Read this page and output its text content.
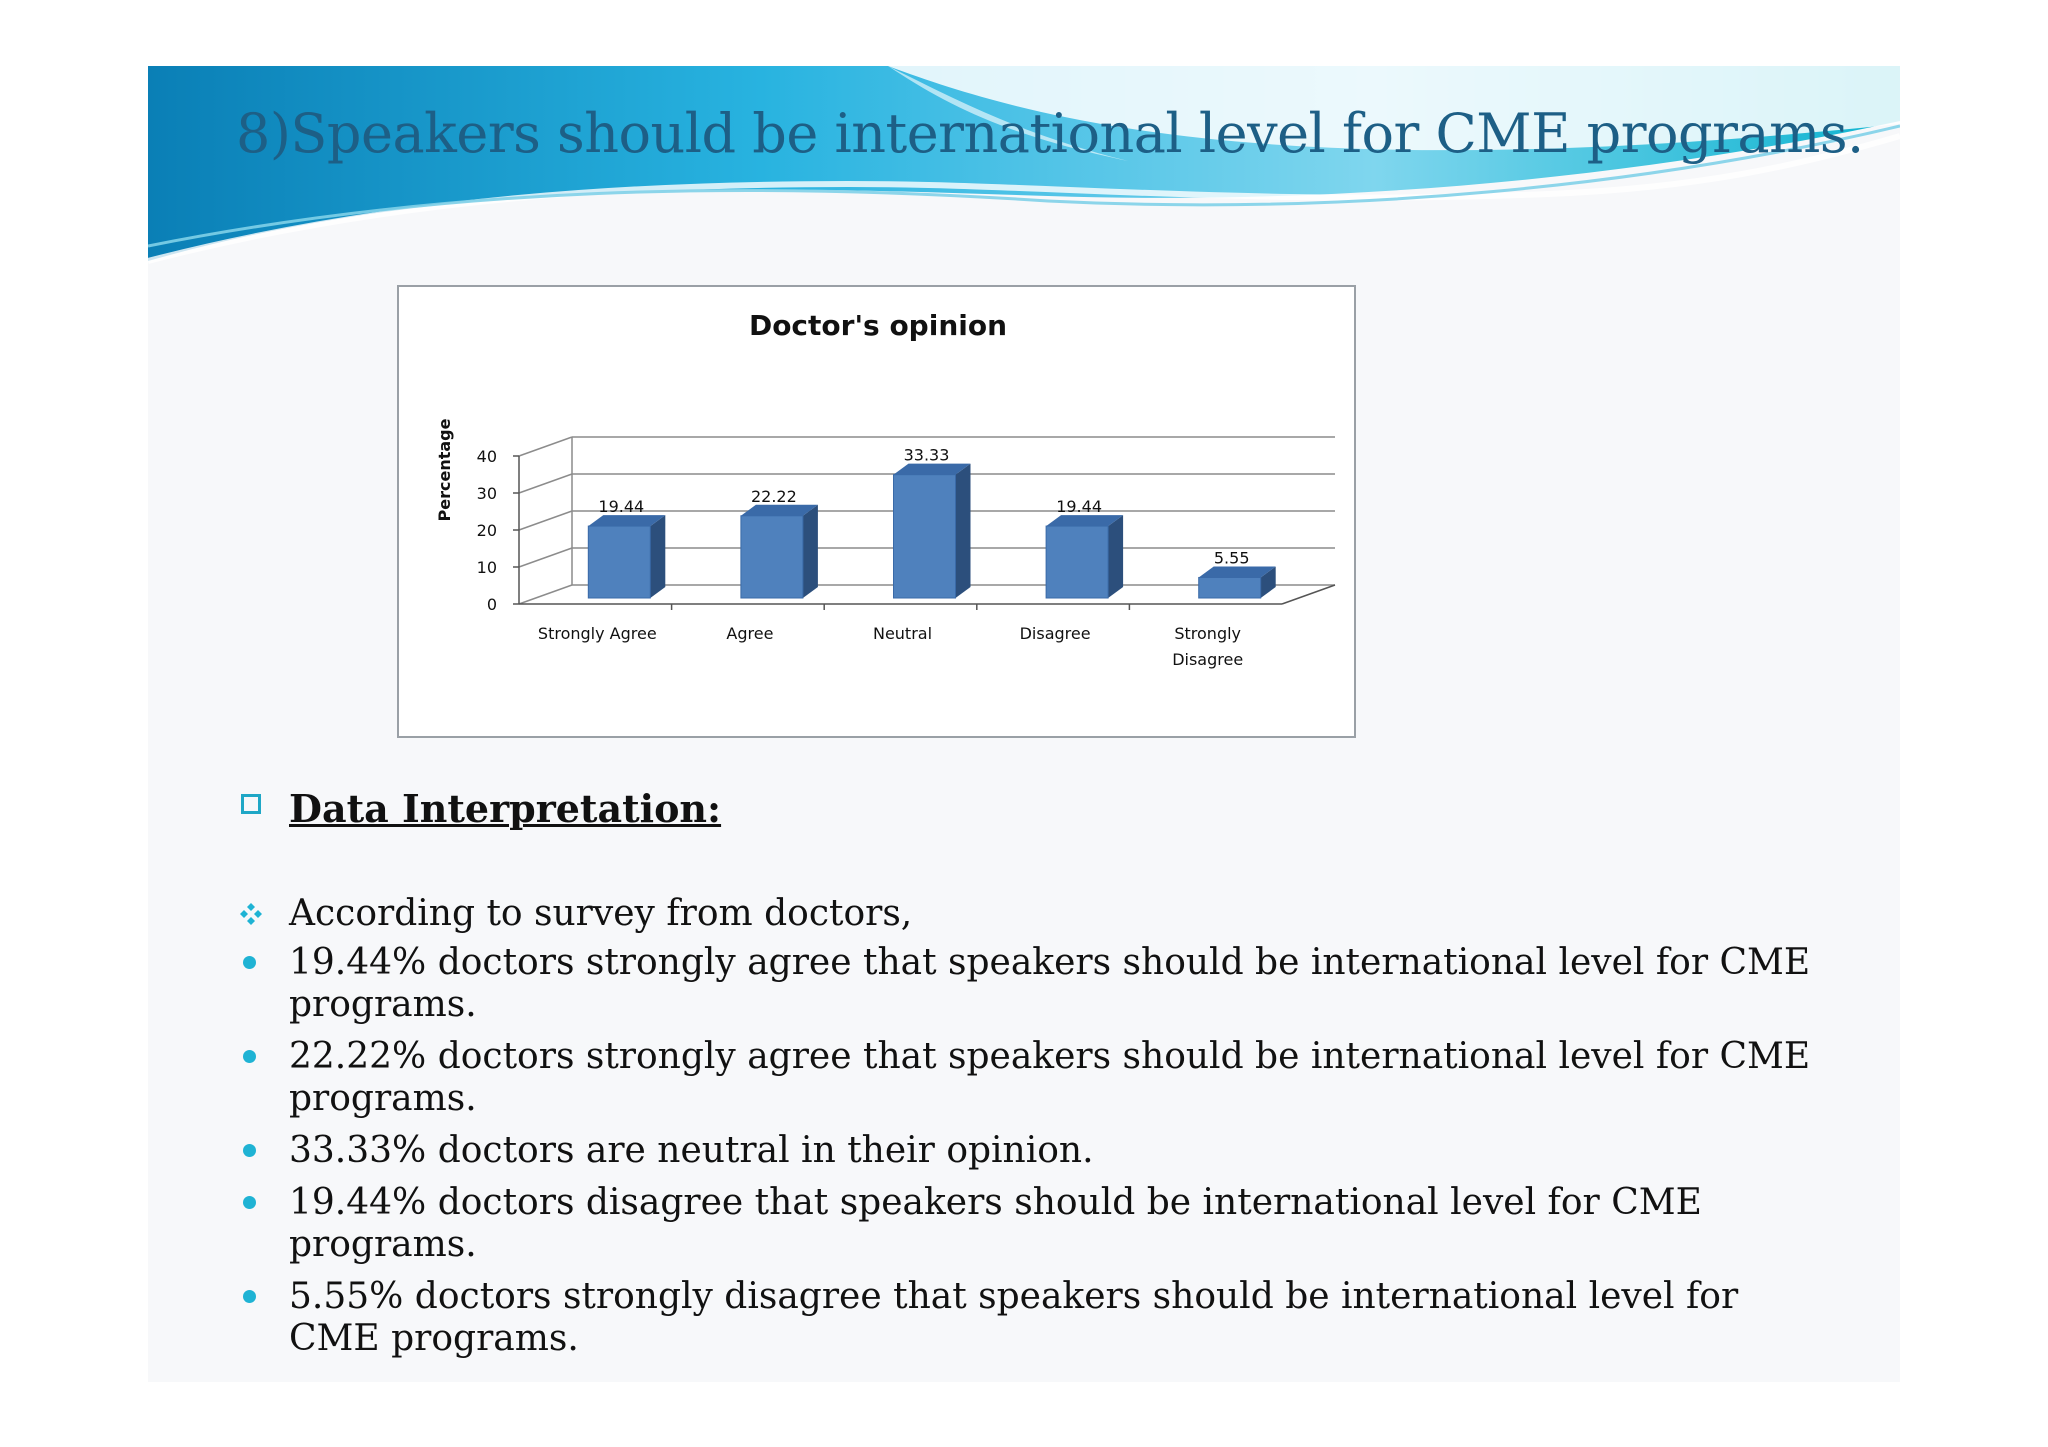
8)Speakers should be international level for CME programs.
Doctor's opinion
Percentage
0
10
20
30
40
19.44
Strongly Agree
22.22
Agree
33.33
Neutral
19.44
Disagree
5.55
Strongly Disagree
Data Interpretation:
According to survey from doctors,
19.44% doctors strongly agree that speakers should be international level for CME programs.
22.22% doctors strongly agree that speakers should be international level for CME programs.
33.33% doctors are neutral in their opinion.
19.44% doctors disagree that speakers should be international level for CME programs.
5.55% doctors strongly disagree that speakers should be international level for CME programs.
